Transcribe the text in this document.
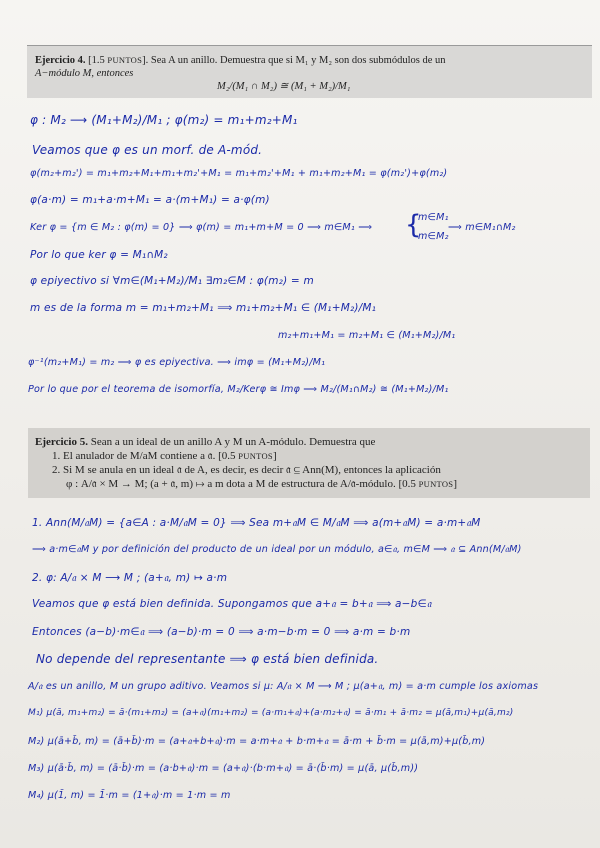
Ejercicio 4. [1.5 PUNTOS]. Sea A un anillo. Demuestra que si M₁ y M₂ son dos submódulos de un
A−módulo M, entonces
M₂/(M₁ ∩ M₂) ≅ (M₁ + M₂)/M₁
φ : M₂ ⟶ (M₁+M₂)/M₁ ; φ(m₂) = m₁+m₂+M₁
Veamos que φ es un morf. de A-mód.
φ(m₂+m₂') = m₁+m₂+M₁+m₁+m₂'+M₁ = m₁+m₂'+M₁ + m₁+m₂+M₁ = φ(m₂')+φ(m₂)
φ(a·m) = m₁+a·m+M₁ = a·(m+M₁) = a·φ(m)
Ker φ = {m ∈ M₂ : φ(m) = 0} ⟹ φ(m) = m₁+m+M = 0 ⟹ m∈M₁ ⟹ {
m∈M₁
m∈M₂
⟹ m∈M₁∩M₂
Por lo que ker φ = M₁∩M₂
φ epiyectivo si ∀m∈(M₁+M₂)/M₁ ∃m₂∈M : φ(m₂) = m
m es de la forma m = m₁+m₂+M₁ ⟹ m₁+m₂+M₁ ∈ (M₁+M₂)/M₁
m₂+m₁+M₁ = m₂+M₁ ∈ (M₁+M₂)/M₁
φ⁻¹(m₂+M₁) = m₂ ⟹ φ es epiyectiva. ⟹ imφ = (M₁+M₂)/M₁
Por lo que por el teorema de isomorfía, M₂/Kerφ ≅ Imφ ⟹ M₂/(M₁∩M₂) ≅ (M₁+M₂)/M₁
Ejercicio 5. Sean a un ideal de un anillo A y M un A-módulo. Demuestra que
1. El anulador de M/aM contiene a 𝔞. [0.5 PUNTOS]
2. Si M se anula en un ideal 𝔞 de A, es decir, es decir 𝔞 ⊆ Ann(M), entonces la aplicación
φ : A/𝔞 × M → M; (a + 𝔞, m) ↦ a m dota a M de estructura de A/𝔞-módulo. [0.5 PUNTOS]
1. Ann(M/𝔞M) = {a∈A : a·M/𝔞M = 0} ⟹ Sea m+𝔞M ∈ M/𝔞M ⟹ a(m+𝔞M) = a·m+𝔞M
⟹ a·m∈𝔞M y por definición del producto de un ideal por un módulo, a∈𝔞, m∈M ⟹ 𝔞 ⊆ Ann(M/𝔞M)
2. φ: A/𝔞 × M ⟶ M ; (a+𝔞, m) ↦ a·m
Veamos que φ está bien definida. Supongamos que a+𝔞 = b+𝔞 ⟹ a−b∈𝔞
Entonces (a−b)·m∈𝔞 ⟹ (a−b)·m = 0 ⟹ a·m−b·m = 0 ⟹ a·m = b·m
No depende del representante ⟹ φ está bien definida.
A/𝔞 es un anillo, M un grupo aditivo. Veamos si μ: A/𝔞 × M ⟶ M ; μ(a+𝔞, m) = a·m cumple los axiomas
M₁) μ(ā, m₁+m₂) = ā·(m₁+m₂) = (a+𝔞)(m₁+m₂) = (a·m₁+𝔞)+(a·m₂+𝔞) = ā·m₁ + ā·m₂ = μ(ā,m₁)+μ(ā,m₂)
M₂) μ(ā+b̄, m) = (ā+b̄)·m = (a+𝔞+b+𝔞)·m = a·m+𝔞 + b·m+𝔞 = ā·m + b̄·m = μ(ā,m)+μ(b̄,m)
M₃) μ(ā·b̄, m) = (ā·b̄)·m = (a·b+𝔞)·m = (a+𝔞)·(b·m+𝔞) = ā·(b̄·m) = μ(ā, μ(b̄,m))
M₄) μ(1̄, m) = 1̄·m = (1+𝔞)·m = 1·m = m
